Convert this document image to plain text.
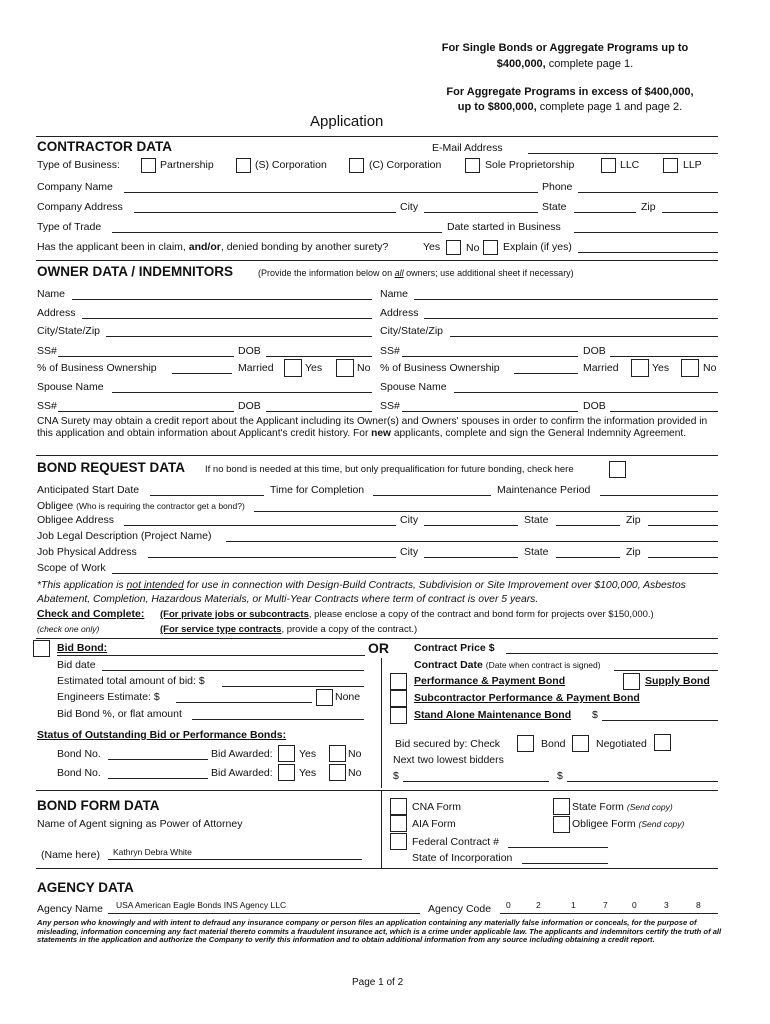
For Single Bonds or Aggregate Programs up to
$400,000, complete page 1.
For Aggregate Programs in excess of $400,000,
up to $800,000, complete page 1 and page 2.
Application
CONTRACTOR DATA	E-Mail Address
Type of Business:	Partnership	(S) Corporation	(C) Corporation	Sole Proprietorship	LLC	LLP
Company Name	Phone
Company Address	City	State	Zip
Type of Trade	Date started in Business
Has the applicant been in claim, and/or, denied bonding by another surety?	Yes No Explain (if yes)
OWNER DATA / INDEMNITORS	(Provide the information below on all owners; use additional sheet if necessary)
Name
Address
City/State/Zip
SS#	DOB
% of Business Ownership	Married	Yes	No
Spouse Name
SS#	DOB
Name
Address
City/State/Zip
SS#	DOB
% of Business Ownership	Married	Yes	No
Spouse Name
SS#	DOB
CNA Surety may obtain a credit report about the Applicant including its Owner(s) and Owners' spouses in order to confirm the information provided in this application and obtain information about Applicant's credit history. For new applicants, complete and sign the General Indemnity Agreement.
BOND REQUEST DATA If no bond is needed at this time, but only prequalification for future bonding, check here
Anticipated Start Date	Time for Completion	Maintenance Period
Obligee (Who is requiring the contractor get a bond?)
Obligee Address	City	State	Zip
Job Legal Description (Project Name)
Job Physical Address	City	State	Zip
Scope of Work
*This application is not intended for use in connection with Design-Build Contracts, Subdivision or Site Improvement over $100,000, Asbestos Abatement, Completion, Hazardous Materials, or Multi-Year Contracts where term of contract is over 5 years.
Check and Complete: (For private jobs or subcontracts, please enclose a copy of the contract and bond form for projects over $150,000.)
(check one only)	(For service type contracts, provide a copy of the contract.)
Bid Bond:	OR
Bid date
Estimated total amount of bid: $
Engineers Estimate: $	None
Bid Bond %, or flat amount
Contract Price $
Contract Date (Date when contract is signed)
Performance & Payment Bond	Supply Bond
Subcontractor Performance & Payment Bond
Stand Alone Maintenance Bond $
Status of Outstanding Bid or Performance Bonds:
Bond No.	Bid Awarded:	Yes	No
Bond No.	Bid Awarded:	Yes	No
Bid secured by: Check	Bond	Negotiated
Next two lowest bidders
$	$
BOND FORM DATA
Name of Agent signing as Power of Attorney
(Name here) Kathryn Debra White
CNA Form
AIA Form
Federal Contract #
State of Incorporation
State Form (Send copy)
Obligee Form (Send copy)
AGENCY DATA
Agency Name USA American Eagle Bonds INS Agency LLC	Agency Code 0	2	1	7	0	3	8
Any person who knowingly and with intent to defraud any insurance company or person files an application containing any materially false information or conceals, for the purpose of misleading, information concerning any fact material thereto commits a fraudulent insurance act, which is a crime under applicable law. The applicants and indemnitors certify the truth of all statements in the application and authorize the Company to verify this information and to obtain additional information from any source including obtaining a credit report.
Page 1 of 2
